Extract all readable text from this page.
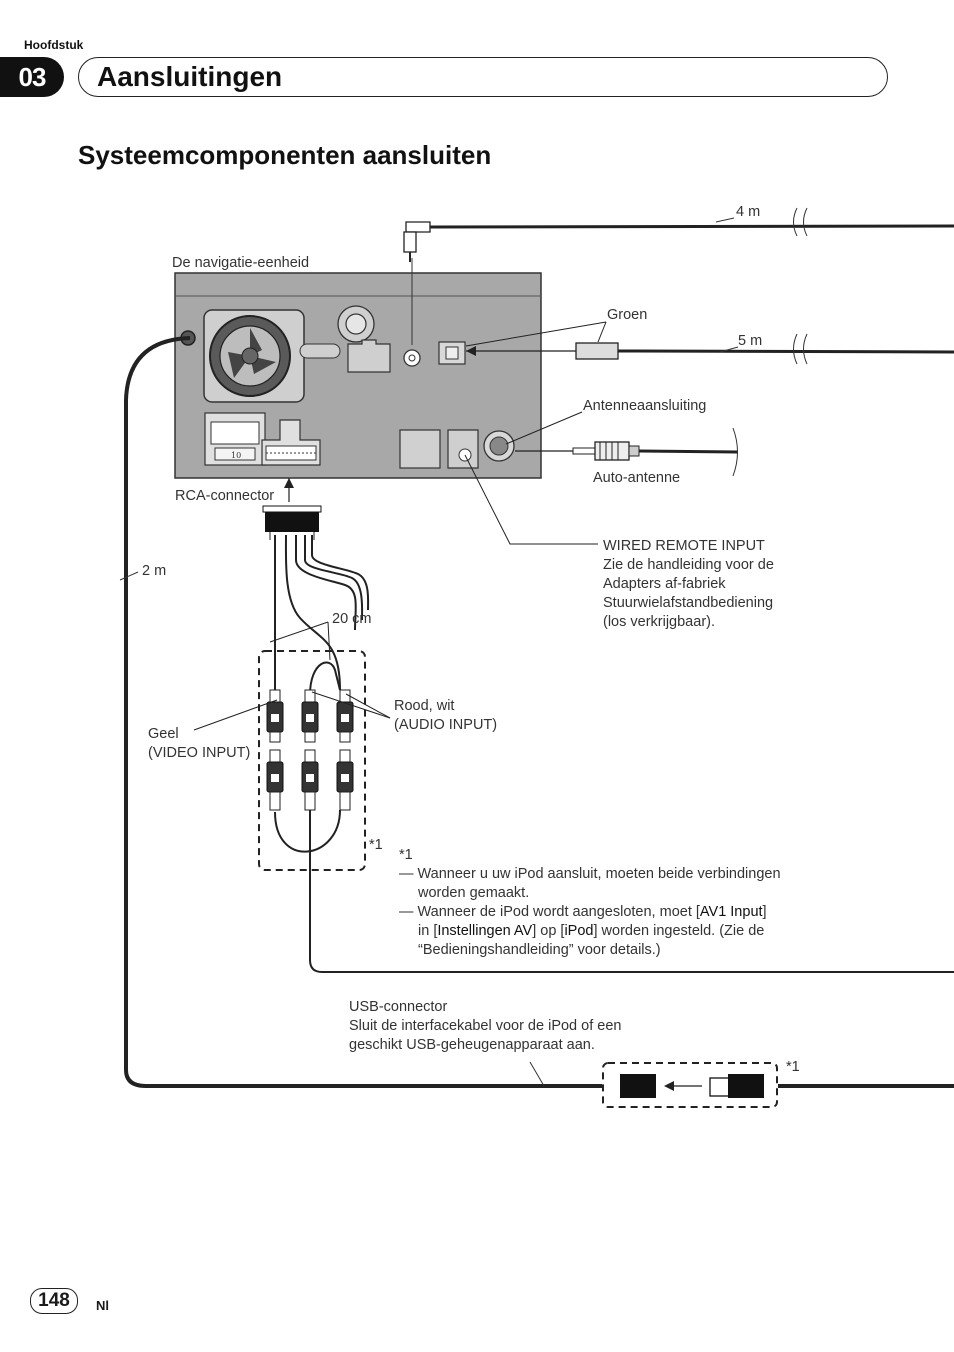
Hoofdstuk
03	Aansluitingen
Systeemcomponenten aansluiten
10
De navigatie-eenheid
4 m
5 m
Groen
Antenneaansluiting
Auto-antenne
RCA-connector
2 m
20 cm
WIRED REMOTE INPUT
Zie de handleiding voor de
Adapters af-fabriek
Stuurwielafstandbediening
(los verkrijgbaar).
Rood, wit
(AUDIO INPUT)
Geel
(VIDEO INPUT)
*1
*1
*1
— Wanneer u uw iPod aansluit, moeten beide verbindingen
worden gemaakt.
— Wanneer de iPod wordt aangesloten, moet [AV1 Input]
in [Instellingen AV] op [iPod] worden ingesteld. (Zie de
“Bedieningshandleiding” voor details.)
USB-connector
Sluit de interfacekabel voor de iPod of een
geschikt USB-geheugenapparaat aan.
148	Nl
